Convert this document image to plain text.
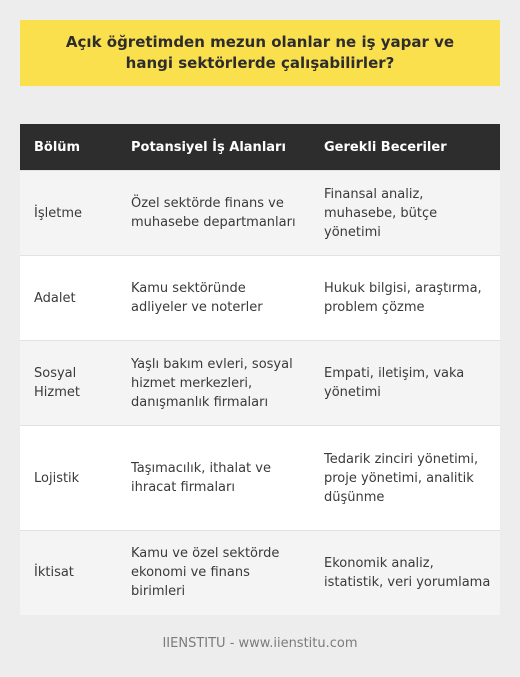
Açık öğretimden mezun olanlar ne iş yapar ve hangi sektörlerde çalışabilirler?
Bölüm	Potansiyel İş Alanları	Gerekli Beceriler
İşletme	Özel sektörde finans ve muhasebe departmanları	Finansal analiz, muhasebe, bütçe yönetimi
Adalet	Kamu sektöründe adliyeler ve noterler	Hukuk bilgisi, araştırma, problem çözme
Sosyal Hizmet	Yaşlı bakım evleri, sosyal hizmet merkezleri, danışmanlık firmaları	Empati, iletişim, vaka yönetimi
Lojistik	Taşımacılık, ithalat ve ihracat firmaları	Tedarik zinciri yönetimi, proje yönetimi, analitik düşünme
İktisat	Kamu ve özel sektörde ekonomi ve finans birimleri	Ekonomik analiz, istatistik, veri yorumlama
IIENSTITU - www.iienstitu.com
